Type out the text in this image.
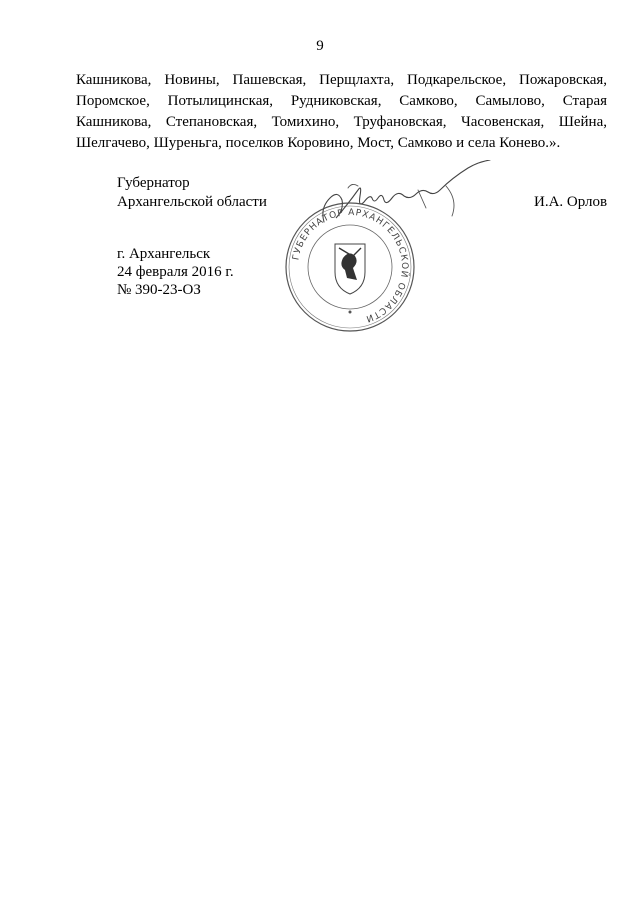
9
Кашникова, Новины, Пашевская, Перщлахта, Подкарельское, Пожаровская,
Поромское, Потылицинская, Рудниковская, Самково, Самылово, Старая
Кашникова, Степановская, Томихино, Труфановская, Часовенская, Шейна,
Шелгачево, Шуреньга, поселков Коровино, Мост, Самково и села Конево.».
Губернатор
Архангельской области	И.А. Орлов
г. Архангельск
24 февраля 2016 г.
№ 390-23-ОЗ
ГУБЕРНАТОР АРХАНГЕЛЬСКОЙ ОБЛАСТИ
